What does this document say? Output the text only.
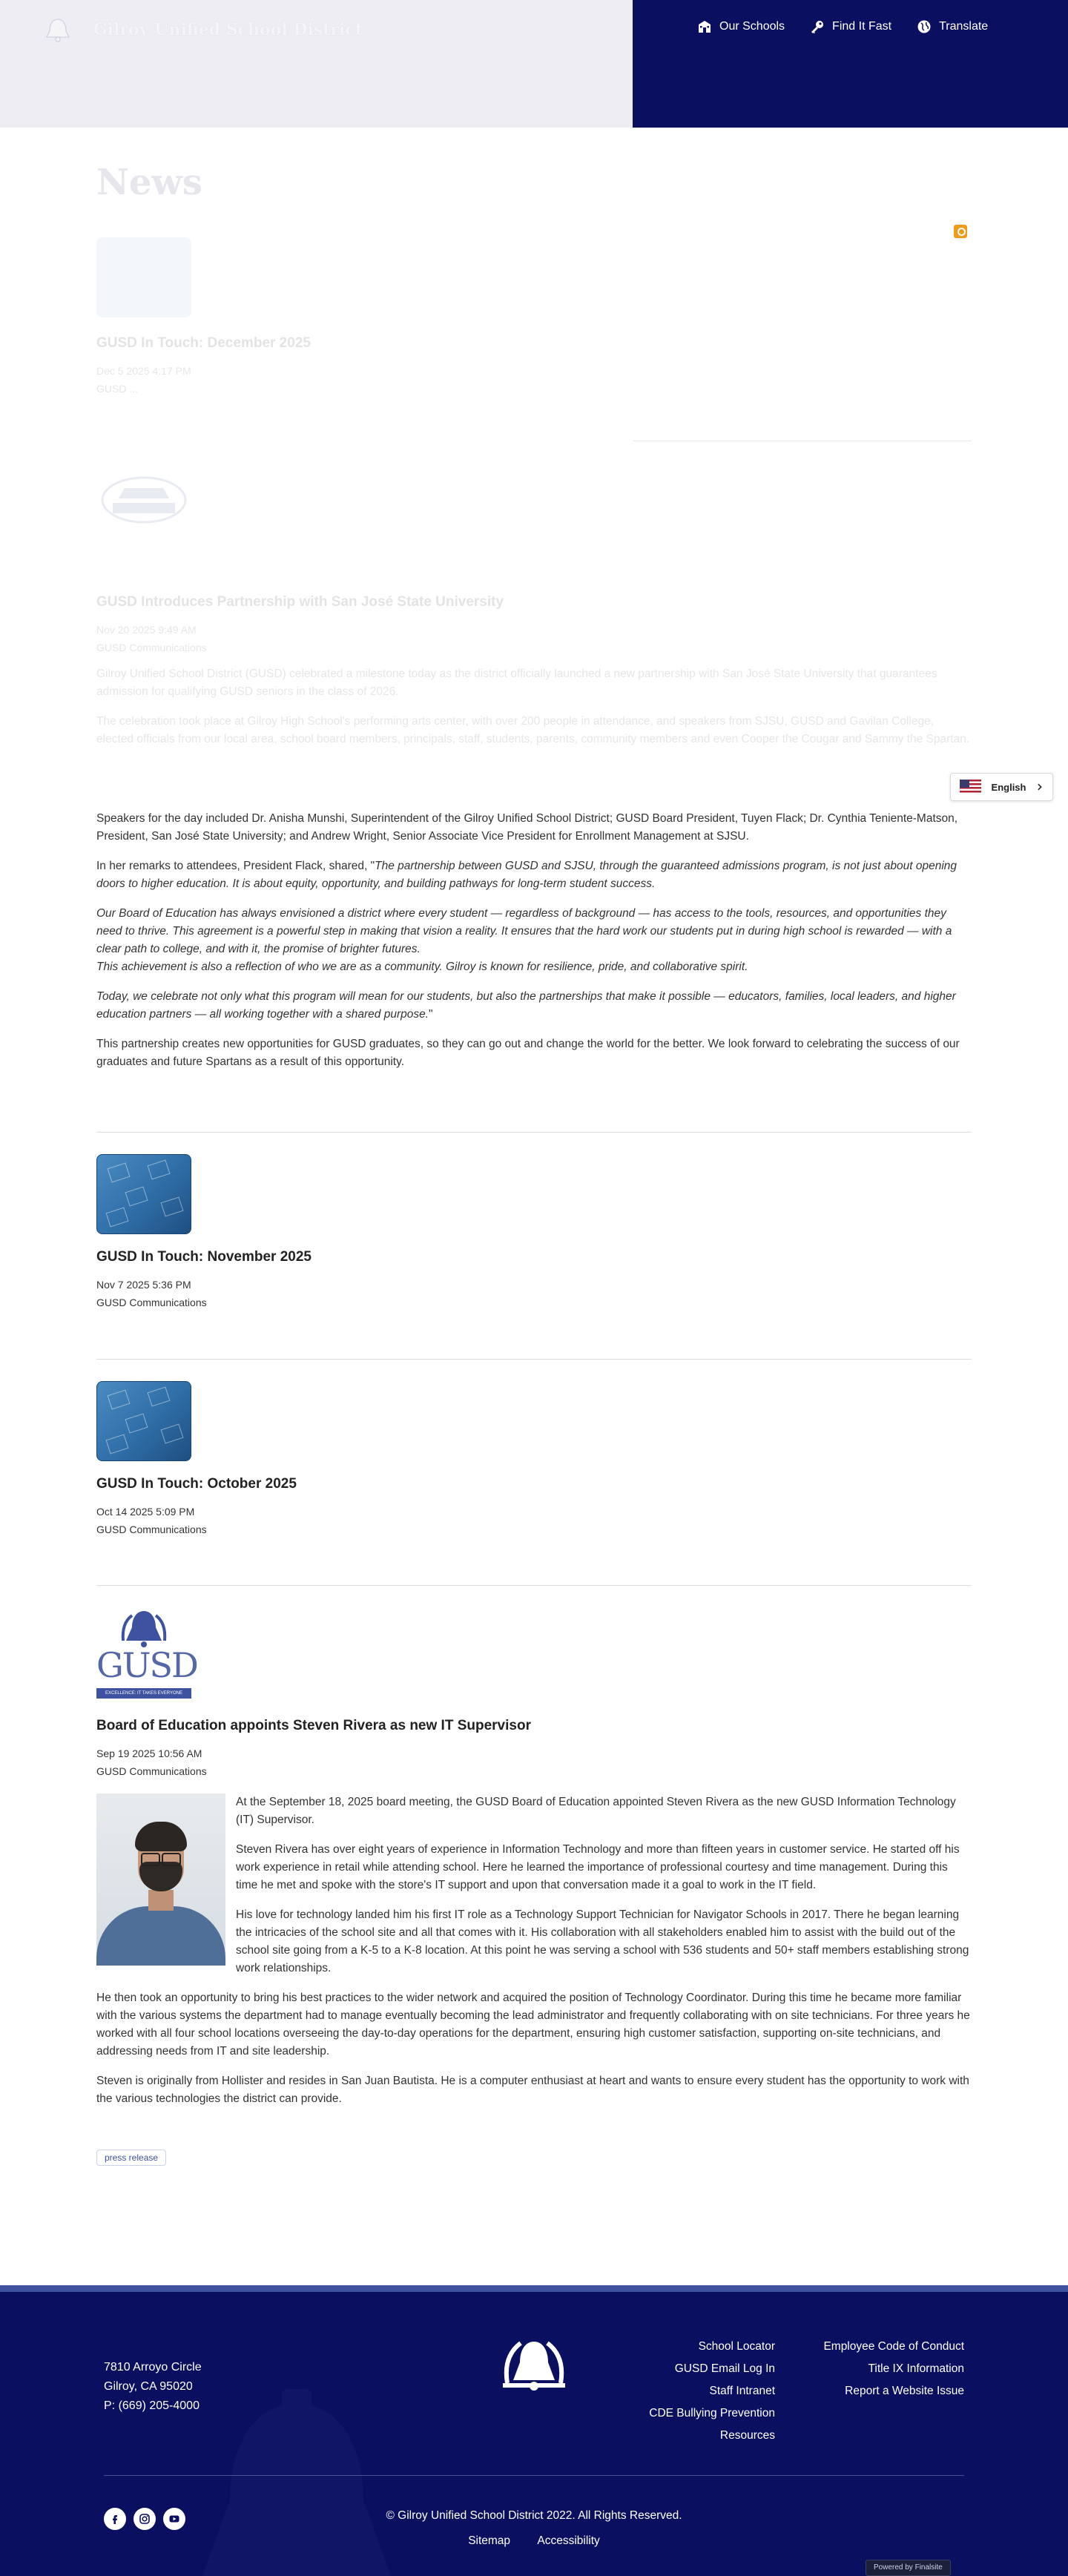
Gilroy Unified School District	Our Schools	Find It Fast	Translate
News
GUSD In Touch: December 2025
Dec 5 2025 4:17 PM
GUSD ...
GUSD Introduces Partnership with San José State University
Nov 20 2025 9:49 AM
GUSD Communications

Gilroy Unified School District (GUSD) celebrated a milestone today as the district officially launched a new partnership with San José State University that guarantees admission for qualifying GUSD seniors in the class of 2026.

The celebration took place at Gilroy High School's performing arts center, with over 200 people in attendance, and speakers from SJSU, GUSD and Gavilan College, elected officials from our local area, school board members, principals, staff, students, parents, community members and even Cooper the Cougar and Sammy the Spartan.

Speakers for the day included Dr. Anisha Munshi, Superintendent of the Gilroy Unified School District; GUSD Board President, Tuyen Flack; Dr. Cynthia Teniente-Matson, President, San José State University; and Andrew Wright, Senior Associate Vice President for Enrollment Management at SJSU.

In her remarks to attendees, President Flack, shared, "The partnership between GUSD and SJSU, through the guaranteed admissions program, is not just about opening doors to higher education. It is about equity, opportunity, and building pathways for long-term student success.

Our Board of Education has always envisioned a district where every student — regardless of background — has access to the tools, resources, and opportunities they need to thrive. This agreement is a powerful step in making that vision a reality. It ensures that the hard work our students put in during high school is rewarded — with a clear path to college, and with it, the promise of brighter futures.

This achievement is also a reflection of who we are as a community. Gilroy is known for resilience, pride, and collaborative spirit.

Today, we celebrate not only what this program will mean for our students, but also the partnerships that make it possible — educators, families, local leaders, and higher education partners — all working together with a shared purpose."

This partnership creates new opportunities for GUSD graduates, so they can go out and change the world for the better. We look forward to celebrating the success of our graduates and future Spartans as a result of this opportunity.

GUSD In Touch: November 2025
Nov 7 2025 5:36 PM
GUSD Communications
GUSD In Touch: October 2025
Oct 14 2025 5:09 PM
GUSD Communications
GUSD
EXCELLENCE: IT TAKES EVERYONE
Board of Education appoints Steven Rivera as new IT Supervisor
Sep 19 2025 10:56 AM
GUSD Communications

At the September 18, 2025 board meeting, the GUSD Board of Education appointed Steven Rivera as the new GUSD Information Technology (IT) Supervisor.

Steven Rivera has over eight years of experience in Information Technology and more than fifteen years in customer service. He started off his work experience in retail while attending school. Here he learned the importance of professional courtesy and time management. During this time he met and spoke with the store's IT support and upon that conversation made it a goal to work in the IT field.

His love for technology landed him his first IT role as a Technology Support Technician for Navigator Schools in 2017. There he began learning the intricacies of the school site and all that comes with it. His collaboration with all stakeholders enabled him to assist with the build out of the school site going from a K-5 to a K-8 location. At this point he was serving a school with 536 students and 50+ staff members establishing strong work relationships.

He then took an opportunity to bring his best practices to the wider network and acquired the position of Technology Coordinator. During this time he became more familiar with the various systems the department had to manage eventually becoming the lead administrator and frequently collaborating with on site technicians. For three years he worked with all four school locations overseeing the day-to-day operations for the department, ensuring high customer satisfaction, supporting on-site technicians, and addressing needs from IT and site leadership.

Steven is originally from Hollister and resides in San Juan Bautista. He is a computer enthusiast at heart and wants to ensure every student has the opportunity to work with the various technologies the district can provide.

press release
English
7810 Arroyo Circle
Gilroy, CA 95020
P: (669) 205-4000
School Locator
GUSD Email Log In
Staff Intranet
CDE Bullying Prevention
Resources
Employee Code of Conduct
Title IX Information
Report a Website Issue
© Gilroy Unified School District 2022. All Rights Reserved.
Sitemap Accessibility
Powered by Finalsite
